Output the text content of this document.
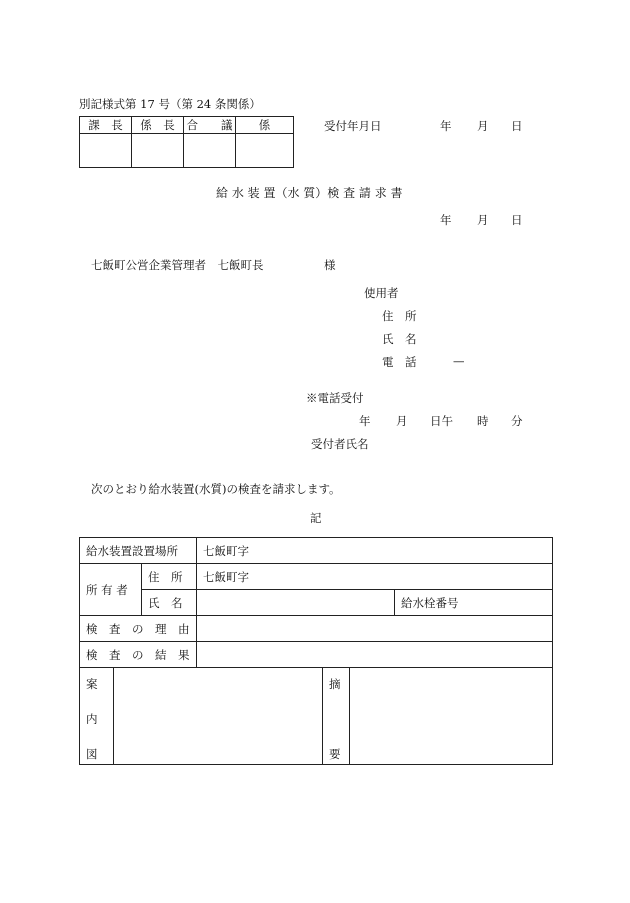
別記様式第 17 号（第 24 条関係）
課　長	係　長	合　　議	係
				受付年月日	年 月 日
給 水 装 置（水 質）検 査 請 求 書
年 月 日
七飯町公営企業管理者　七飯町長	様
使用者
住　所
氏　名
電　話	—
※電話受付
年 月 日午 時 分
受付者氏名
次のとおり給水装置(水質)の検査を請求します。
記
給水装置設置場所			七飯町字				
所 有 者		住　所	七飯町字				
		氏　名				給水栓番号	
検　査　の　理　由							
検　査　の　結　果							

案
内
図				摘
要			
